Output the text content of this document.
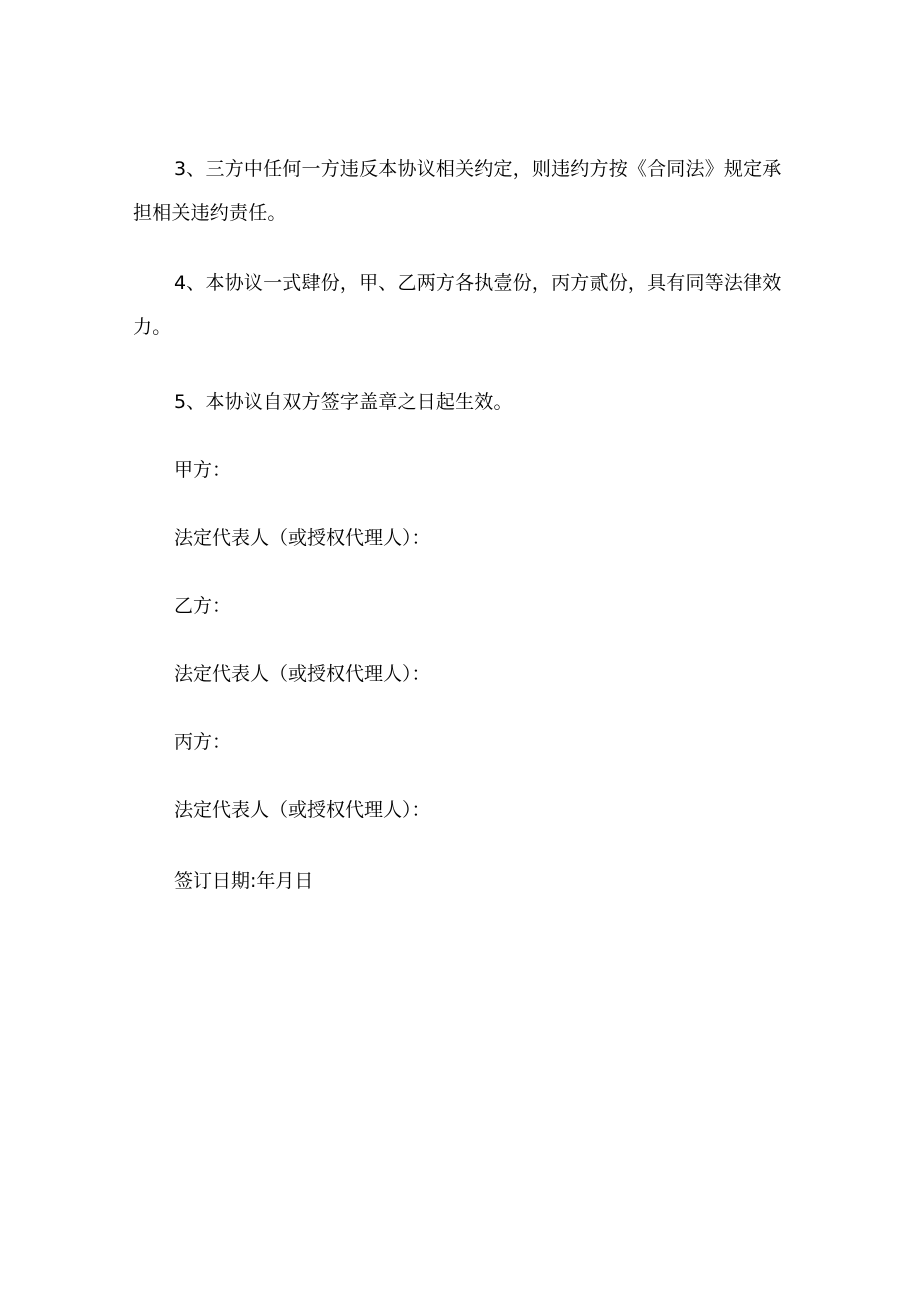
3、三方中任何一方违反本协议相关约定，则违约方按《合同法》规定承担相关违约责任。

4、本协议一式肆份，甲、乙两方各执壹份，丙方贰份，具有同等法律效力。

5、本协议自双方签字盖章之日起生效。

甲方：

法定代表人（或授权代理人）：

乙方：

法定代表人（或授权代理人）：

丙方：

法定代表人（或授权代理人）：

签订日期:年月日
